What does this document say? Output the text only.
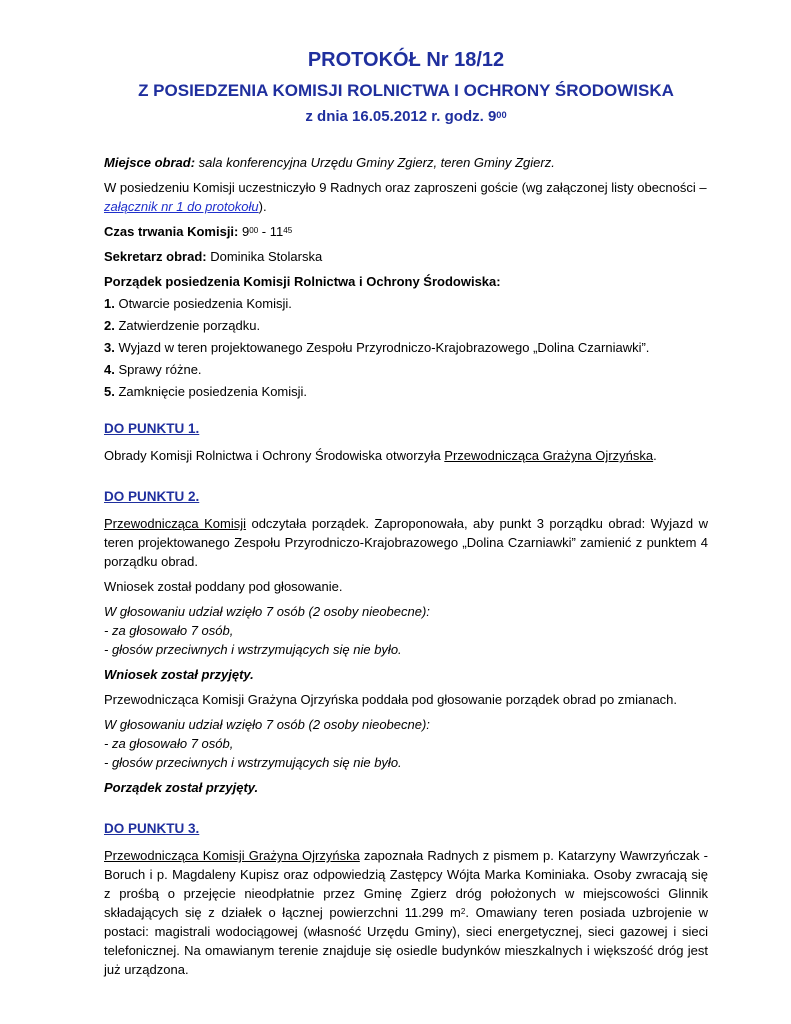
PROTOKÓŁ Nr 18/12
Z POSIEDZENIA KOMISJI ROLNICTWA I OCHRONY ŚRODOWISKA
z dnia 16.05.2012 r. godz. $9^{00}$

Miejsce obrad: sala konferencyjna Urzędu Gminy Zgierz, teren Gminy Zgierz.

W posiedzeniu Komisji uczestniczyło 9 Radnych oraz zaproszeni goście (wg załączonej listy obecności – załącznik nr 1 do protokołu).

Czas trwania Komisji: $9^{00} - 11^{45}$

Sekretarz obrad: Dominika Stolarska

Porządek posiedzenia Komisji Rolnictwa i Ochrony Środowiska:

1. Otwarcie posiedzenia Komisji.
2. Zatwierdzenie porządku.
3. Wyjazd w teren projektowanego Zespołu Przyrodniczo-Krajobrazowego „Dolina Czarniawki”.
4. Sprawy różne.
5. Zamknięcie posiedzenia Komisji.
DO PUNKTU 1.

Obrady Komisji Rolnictwa i Ochrony Środowiska otworzyła Przewodnicząca Grażyna Ojrzyńska.

DO PUNKTU 2.

Przewodnicząca Komisji odczytała porządek. Zaproponowała, aby punkt 3 porządku obrad: Wyjazd w teren projektowanego Zespołu Przyrodniczo-Krajobrazowego „Dolina Czarniawki” zamienić z punktem 4 porządku obrad.

Wniosek został poddany pod głosowanie.

W głosowaniu udział wzięło 7 osób (2 osoby nieobecne):
- za głosowało 7 osób,
- głosów przeciwnych i wstrzymujących się nie było.

Wniosek został przyjęty.

Przewodnicząca Komisji Grażyna Ojrzyńska poddała pod głosowanie porządek obrad po zmianach.

W głosowaniu udział wzięło 7 osób (2 osoby nieobecne):
- za głosowało 7 osób,
- głosów przeciwnych i wstrzymujących się nie było.

Porządek został przyjęty.

DO PUNKTU 3.

Przewodnicząca Komisji Grażyna Ojrzyńska zapoznała Radnych z pismem p. Katarzyny Wawrzyńczak - Boruch i p. Magdaleny Kupisz oraz odpowiedzią Zastępcy Wójta Marka Kominiaka. Osoby zwracają się z prośbą o przejęcie nieodpłatnie przez Gminę Zgierz dróg położonych w miejscowości Glinnik składających się z działek o łącznej powierzchni 11.299 $m^2$. Omawiany teren posiada uzbrojenie w postaci: magistrali wodociągowej (własność Urzędu Gminy), sieci energetycznej, sieci gazowej i sieci telefonicznej. Na omawianym terenie znajduje się osiedle budynków mieszkalnych i większość dróg jest już urządzona.
